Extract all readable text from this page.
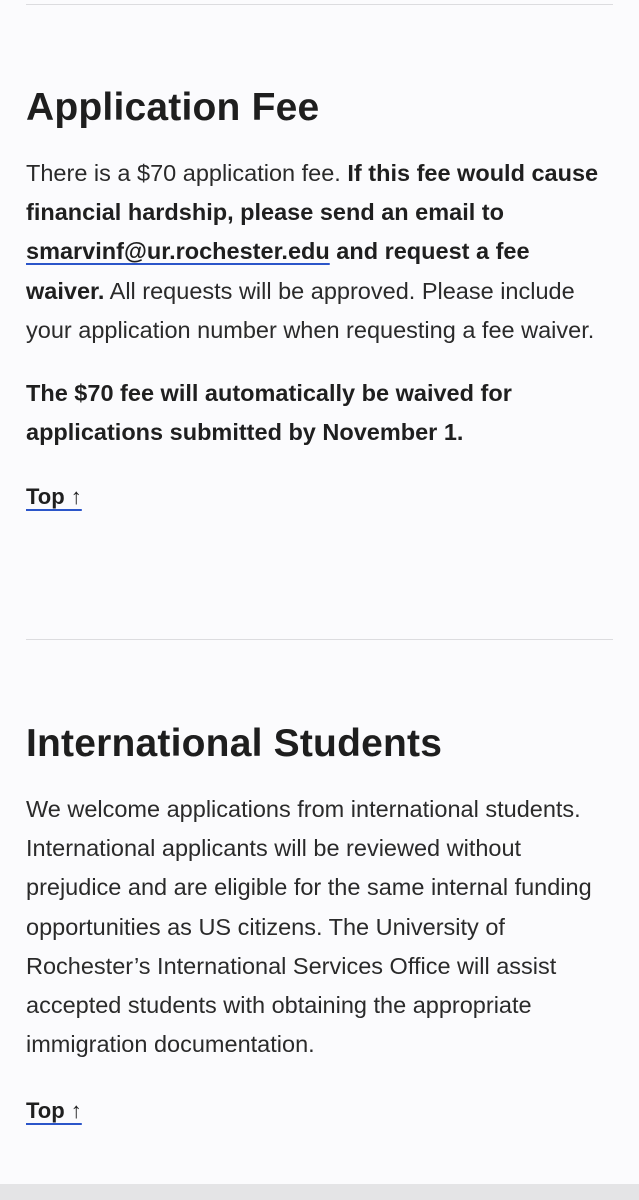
Application Fee

There is a $70 application fee. If this fee would cause financial hardship, please send an email to smarvinf@ur.rochester.edu and request a fee waiver. All requests will be approved. Please include your application number when requesting a fee waiver.

The $70 fee will automatically be waived for applications submitted by November 1.

Top ↑
International Students

We welcome applications from international students. International applicants will be reviewed without prejudice and are eligible for the same internal funding opportunities as US citizens. The University of Rochester’s International Services Office will assist accepted students with obtaining the appropriate immigration documentation.

Top ↑
